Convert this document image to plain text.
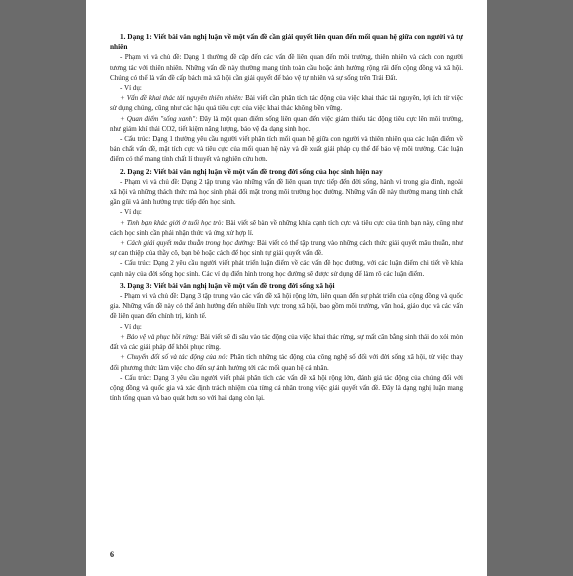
1. Dạng 1: Viết bài văn nghị luận về một vấn đề cần giải quyết liên quan đến mối quan hệ giữa con người và tự nhiên

- Phạm vi và chủ đề: Dạng 1 thường đề cập đến các vấn đề liên quan đến môi trường, thiên nhiên và cách con người tương tác với thiên nhiên. Những vấn đề này thường mang tính toàn cầu hoặc ảnh hưởng rộng rãi đến cộng đồng và xã hội. Chúng có thể là vấn đề cấp bách mà xã hội cần giải quyết để bảo vệ tự nhiên và sự sống trên Trái Đất.

- Ví dụ:

+ Vấn đề khai thác tài nguyên thiên nhiên: Bài viết cần phân tích tác động của việc khai thác tài nguyên, lợi ích từ việc sử dụng chúng, cũng như các hậu quả tiêu cực của việc khai thác không bền vững.

+ Quan điểm "sống xanh": Đây là một quan điểm sống liên quan đến việc giảm thiểu tác động tiêu cực lên môi trường, như giảm khí thải CO2, tiết kiệm năng lượng, bảo vệ đa dạng sinh học.

- Cấu trúc: Dạng 1 thường yêu cầu người viết phân tích mối quan hệ giữa con người và thiên nhiên qua các luận điểm về bản chất vấn đề, mặt tích cực và tiêu cực của mối quan hệ này và đề xuất giải pháp cụ thể để bảo vệ môi trường. Các luận điểm có thể mang tính chất lí thuyết và nghiên cứu hơn.

2. Dạng 2: Viết bài văn nghị luận về một vấn đề trong đời sống của học sinh hiện nay

- Phạm vi và chủ đề: Dạng 2 tập trung vào những vấn đề liên quan trực tiếp đến đời sống, hành vi trong gia đình, ngoài xã hội và những thách thức mà học sinh phải đối mặt trong môi trường học đường. Những vấn đề này thường mang tính chất gần gũi và ảnh hưởng trực tiếp đến học sinh.

- Ví dụ:

+ Tinh bạn khác giới ở tuổi học trò: Bài viết sẽ bàn về những khía cạnh tích cực và tiêu cực của tình bạn này, cũng như cách học sinh cần phải nhận thức và ứng xử hợp lí.

+ Cách giải quyết mâu thuẫn trong học đường: Bài viết có thể tập trung vào những cách thức giải quyết mâu thuẫn, như sự can thiệp của thầy cô, bạn bè hoặc cách để học sinh tự giải quyết vấn đề.

- Cấu trúc: Dạng 2 yêu cầu người viết phát triển luận điểm về các vấn đề học đường, với các luận điểm chi tiết về khía cạnh này của đời sống học sinh. Các ví dụ điển hình trong học đường sẽ được sử dụng để làm rõ các luận điểm.

3. Dạng 3: Viết bài văn nghị luận về một vấn đề trong đời sống xã hội

- Phạm vi và chủ đề: Dạng 3 tập trung vào các vấn đề xã hội rộng lớn, liên quan đến sự phát triển của cộng đồng và quốc gia. Những vấn đề này có thể ảnh hưởng đến nhiều lĩnh vực trong xã hội, bao gồm môi trường, văn hoá, giáo dục và các vấn đề liên quan đến chính trị, kinh tế.

- Ví dụ:

+ Bảo vệ và phục hồi rừng: Bài viết sẽ đi sâu vào tác động của việc khai thác rừng, sự mất cân bằng sinh thái do xói mòn đất và các giải pháp để khôi phục rừng.

+ Chuyển đổi số và tác động của nó: Phân tích những tác động của công nghệ số đối với đời sống xã hội, từ việc thay đổi phương thức làm việc cho đến sự ảnh hưởng tới các mối quan hệ cá nhân.

- Cấu trúc: Dạng 3 yêu cầu người viết phải phân tích các vấn đề xã hội rộng lớn, đánh giá tác động của chúng đối với cộng đồng và quốc gia và xác định trách nhiệm của từng cá nhân trong việc giải quyết vấn đề. Đây là dạng nghị luận mang tính tổng quan và bao quát hơn so với hai dạng còn lại.

6
